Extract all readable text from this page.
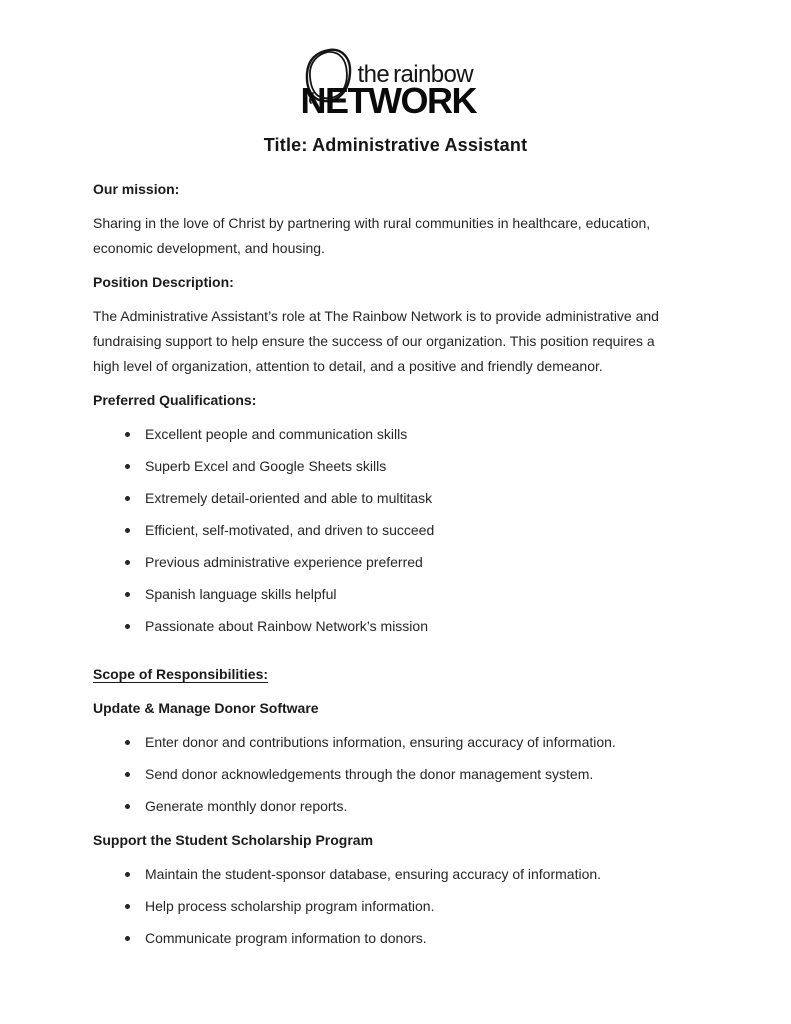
the rainbow
NETWORK
Title: Administrative Assistant

Our mission:

Sharing in the love of Christ by partnering with rural communities in healthcare, education,
economic development, and housing.

Position Description:

The Administrative Assistant’s role at The Rainbow Network is to provide administrative and
fundraising support to help ensure the success of our organization. This position requires a
high level of organization, attention to detail, and a positive and friendly demeanor.

Preferred Qualifications:

Excellent people and communication skills
Superb Excel and Google Sheets skills
Extremely detail-oriented and able to multitask
Efficient, self-motivated, and driven to succeed
Previous administrative experience preferred
Spanish language skills helpful
Passionate about Rainbow Network’s mission

Scope of Responsibilities:

Update & Manage Donor Software

Enter donor and contributions information, ensuring accuracy of information.
Send donor acknowledgements through the donor management system.
Generate monthly donor reports.

Support the Student Scholarship Program

Maintain the student-sponsor database, ensuring accuracy of information.
Help process scholarship program information.
Communicate program information to donors.
